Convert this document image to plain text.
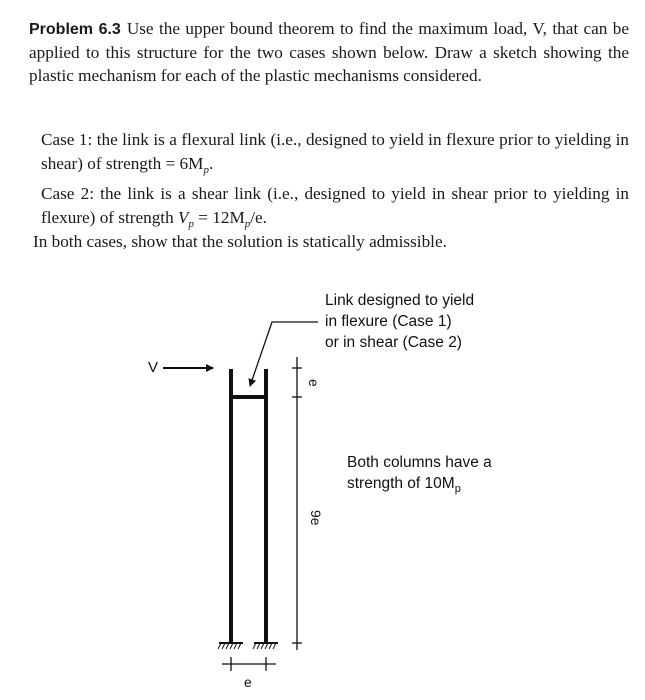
Problem 6.3 Use the upper bound theorem to find the maximum load, V, that can be applied to this structure for the two cases shown below. Draw a sketch showing the plastic mechanism for each of the plastic mechanisms considered.
Case 1: the link is a flexural link (i.e., designed to yield in flexure prior to yielding in shear) of strength = $6M_p$.
Case 2: the link is a shear link (i.e., designed to yield in shear prior to yielding in flexure) of strength $V_p = 12M_p/e$.
In both cases, show that the solution is statically admissible.
V
Link designed to yield
in flexure (Case 1)
or in shear (Case 2)
e
9e
e
Both columns have a
strength of $10M_p$
